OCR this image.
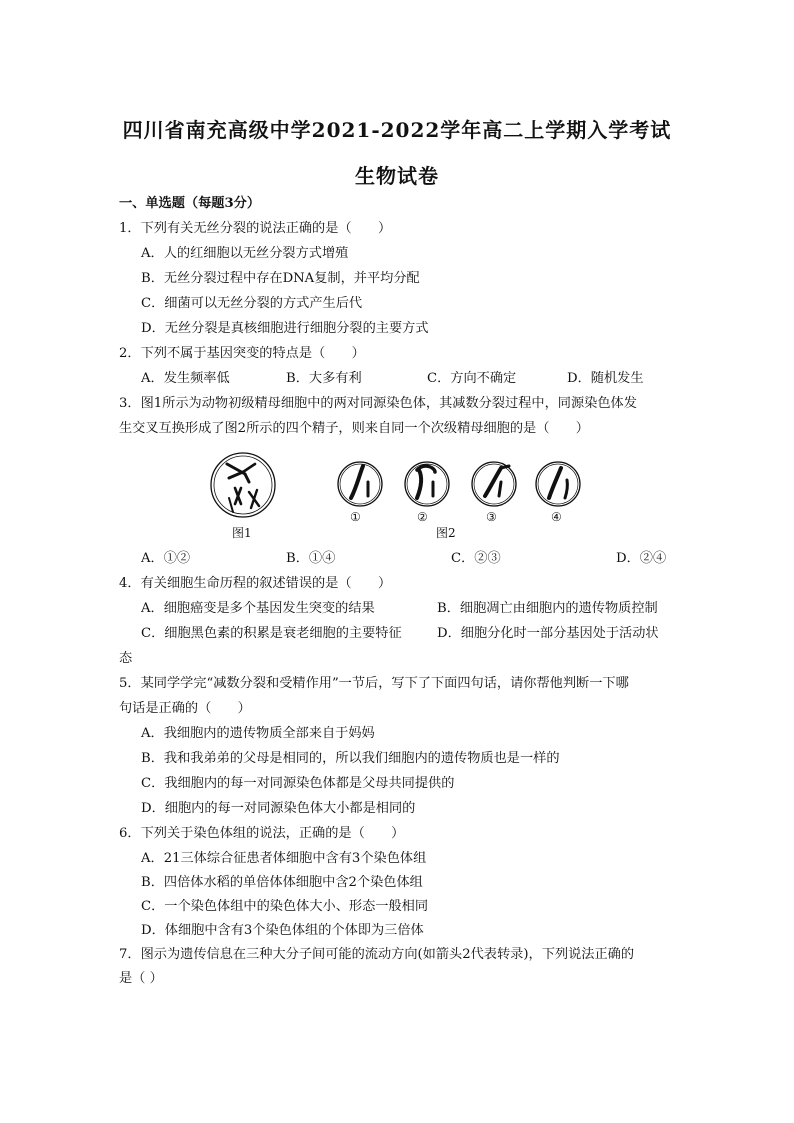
四川省南充高级中学2021-2022学年高二上学期入学考试
生物试卷
一、单选题（每题3分）
1．下列有关无丝分裂的说法正确的是（　　）
A．人的红细胞以无丝分裂方式增殖
B．无丝分裂过程中存在DNA复制，并平均分配
C．细菌可以无丝分裂的方式产生后代
D．无丝分裂是真核细胞进行细胞分裂的主要方式
2．下列不属于基因突变的特点是（　　）
A．发生频率低	B．大多有利	C．方向不确定	D．随机发生
3．图1所示为动物初级精母细胞中的两对同源染色体，其减数分裂过程中，同源染色体发
生交叉互换形成了图2所示的四个精子，则来自同一个次级精母细胞的是（　　）
①	②	③	④
图1	图2
A．①②	B．①④	C．②③	D．②④
4．有关细胞生命历程的叙述错误的是（　　）
A．细胞癌变是多个基因发生突变的结果	B．细胞凋亡由细胞内的遗传物质控制
C．细胞黑色素的积累是衰老细胞的主要特征	D．细胞分化时一部分基因处于活动状
态
5．某同学学完“减数分裂和受精作用”一节后，写下了下面四句话，请你帮他判断一下哪
句话是正确的（　　）
A．我细胞内的遗传物质全部来自于妈妈
B．我和我弟弟的父母是相同的，所以我们细胞内的遗传物质也是一样的
C．我细胞内的每一对同源染色体都是父母共同提供的
D．细胞内的每一对同源染色体大小都是相同的
6．下列关于染色体组的说法，正确的是（　　）
A．21三体综合征患者体细胞中含有3个染色体组
B．四倍体水稻的单倍体体细胞中含2个染色体组
C．一个染色体组中的染色体大小、形态一般相同
D．体细胞中含有3个染色体组的个体即为三倍体
7．图示为遗传信息在三种大分子间可能的流动方向(如箭头2代表转录)，下列说法正确的
是（ ）
